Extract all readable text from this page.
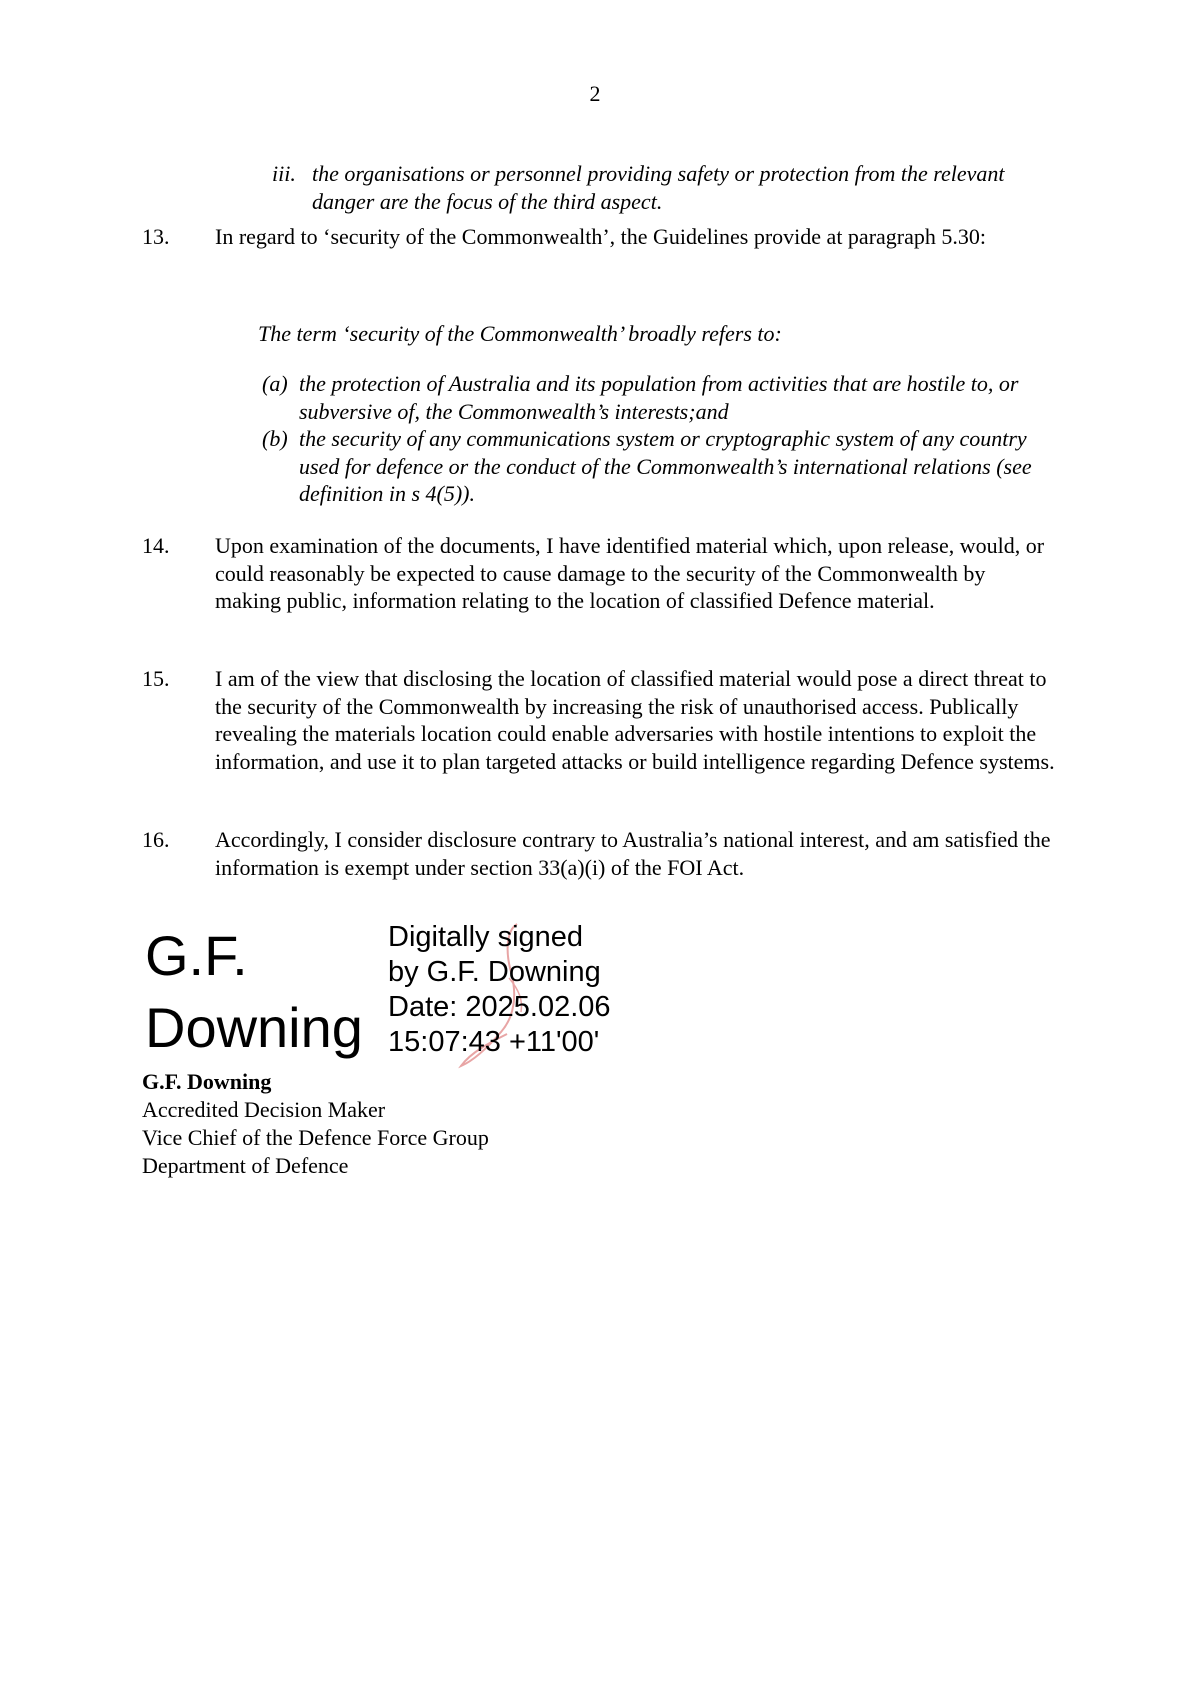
2
iii. the organisations or personnel providing safety or protection from the relevant danger are the focus of the third aspect.
13. In regard to ‘security of the Commonwealth’, the Guidelines provide at paragraph 5.30:
The term ‘security of the Commonwealth’ broadly refers to:
(a) the protection of Australia and its population from activities that are hostile to, or subversive of, the Commonwealth’s interests;and
(b) the security of any communications system or cryptographic system of any country used for defence or the conduct of the Commonwealth’s international relations (see definition in s 4(5)).
14. Upon examination of the documents, I have identified material which, upon release, would, or could reasonably be expected to cause damage to the security of the Commonwealth by making public, information relating to the location of classified Defence material.
15. I am of the view that disclosing the location of classified material would pose a direct threat to the security of the Commonwealth by increasing the risk of unauthorised access. Publically revealing the materials location could enable adversaries with hostile intentions to exploit the information, and use it to plan targeted attacks or build intelligence regarding Defence systems.
16. Accordingly, I consider disclosure contrary to Australia’s national interest, and am satisfied the information is exempt under section 33(a)(i) of the FOI Act.
G.F.
Downing
Digitally signed
by G.F. Downing
Date: 2025.02.06
15:07:43 +11'00'
G.F. Downing
Accredited Decision Maker
Vice Chief of the Defence Force Group
Department of Defence
